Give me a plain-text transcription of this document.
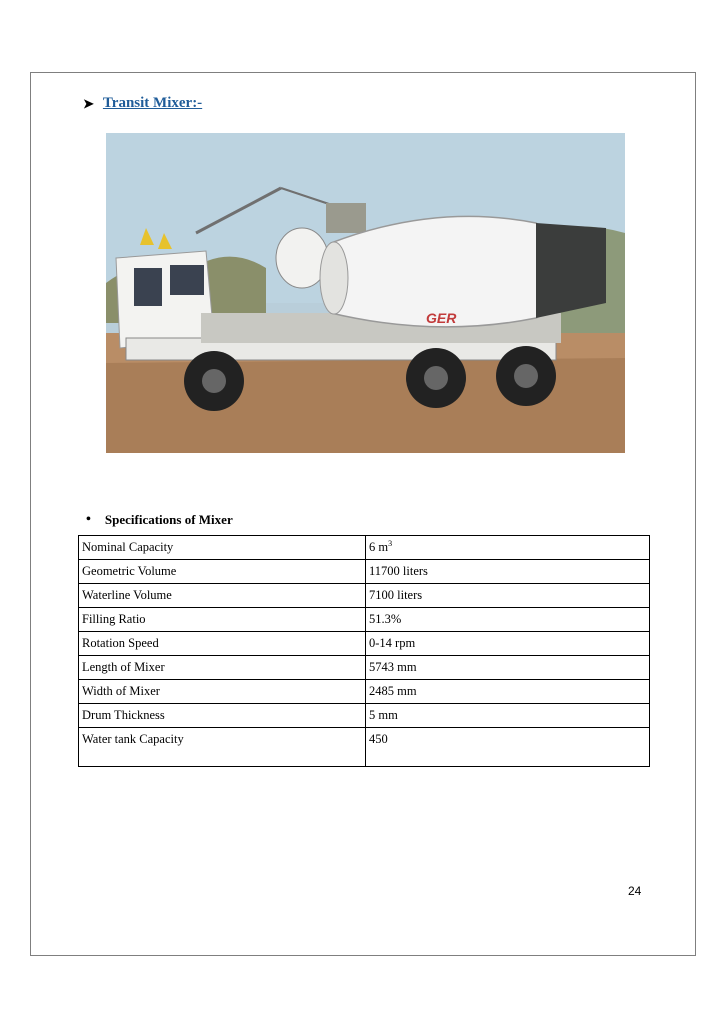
➤ Transit Mixer:-
GER
• Specifications of Mixer
Nominal Capacity	6 $m^3$
Geometric Volume	11700 liters
Waterline Volume	7100 liters
Filling Ratio	51.3%
Rotation Speed	0-14 rpm
Length of Mixer	5743 mm
Width of Mixer	2485 mm
Drum Thickness	5 mm
Water tank Capacity	450
24
